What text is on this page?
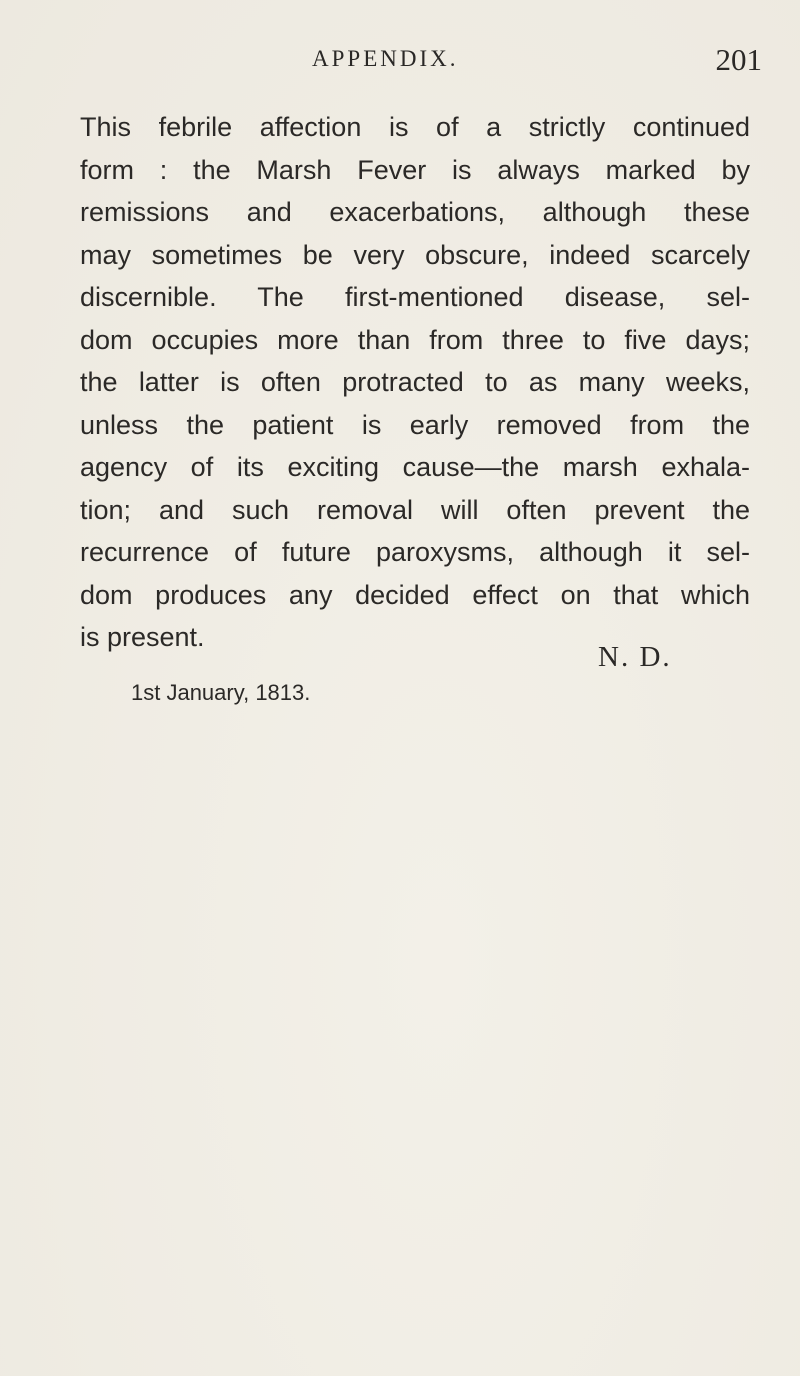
APPENDIX.	201
This febrile affection is of a strictly continued
form : the Marsh Fever is always marked by
remissions and exacerbations, although these
may sometimes be very obscure, indeed scarcely
discernible. The first-mentioned disease, sel-
dom occupies more than from three to five days;
the latter is often protracted to as many weeks,
unless the patient is early removed from the
agency of its exciting cause—the marsh exhala-
tion; and such removal will often prevent the
recurrence of future paroxysms, although it sel-
dom produces any decided effect on that which
is present.
N. D.
1st January, 1813.
